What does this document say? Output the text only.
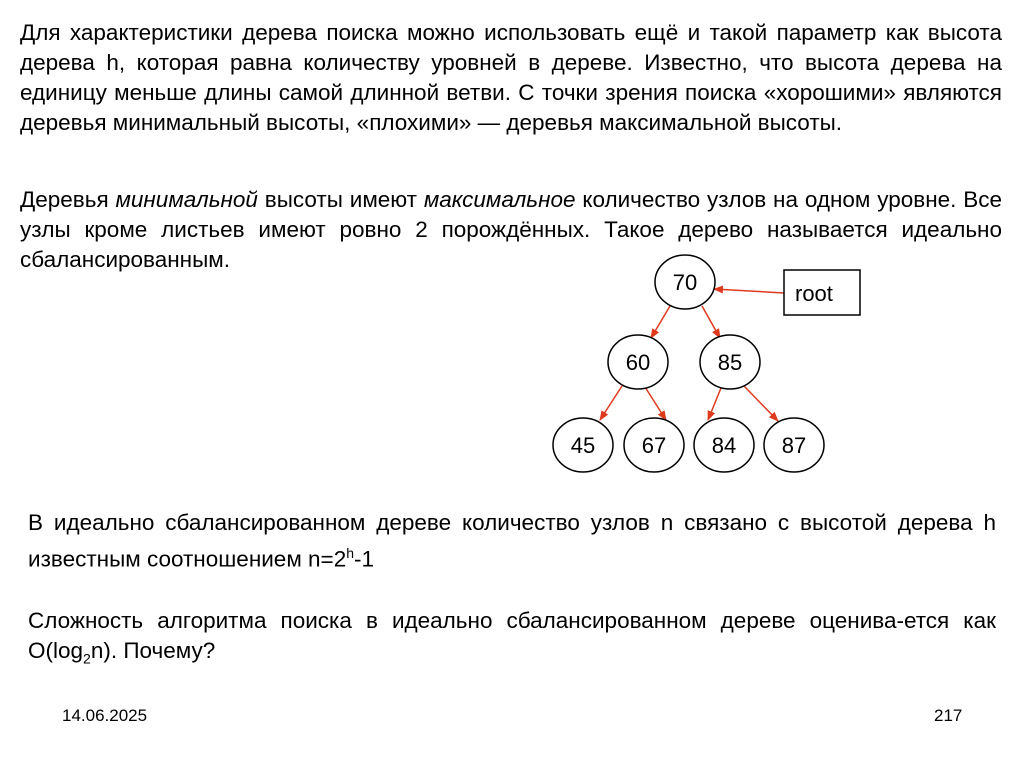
Для характеристики дерева поиска можно использовать ещё и такой параметр как высота дерева h, которая равна количеству уровней в дереве. Известно, что высота дерева на единицу меньше длины самой длинной ветви. С точки зрения поиска «хорошими» являются деревья минимальный высоты, «плохими» — деревья максимальной высоты.

Деревья минимальной высоты имеют максимальное количество узлов на одном уровне. Все узлы кроме листьев имеют ровно 2 порождённых. Такое дерево называется идеально сбалансированным.

70
60	85
45 67 84 87
root

В идеально сбалансированном дереве количество узлов n связано с высотой дерева h известным соотношением $n=2^h-1$

Сложность алгоритма поиска в идеально сбалансированном дереве оценива-ется как $O(\log_2n)$. Почему?

14.06.2025	217
